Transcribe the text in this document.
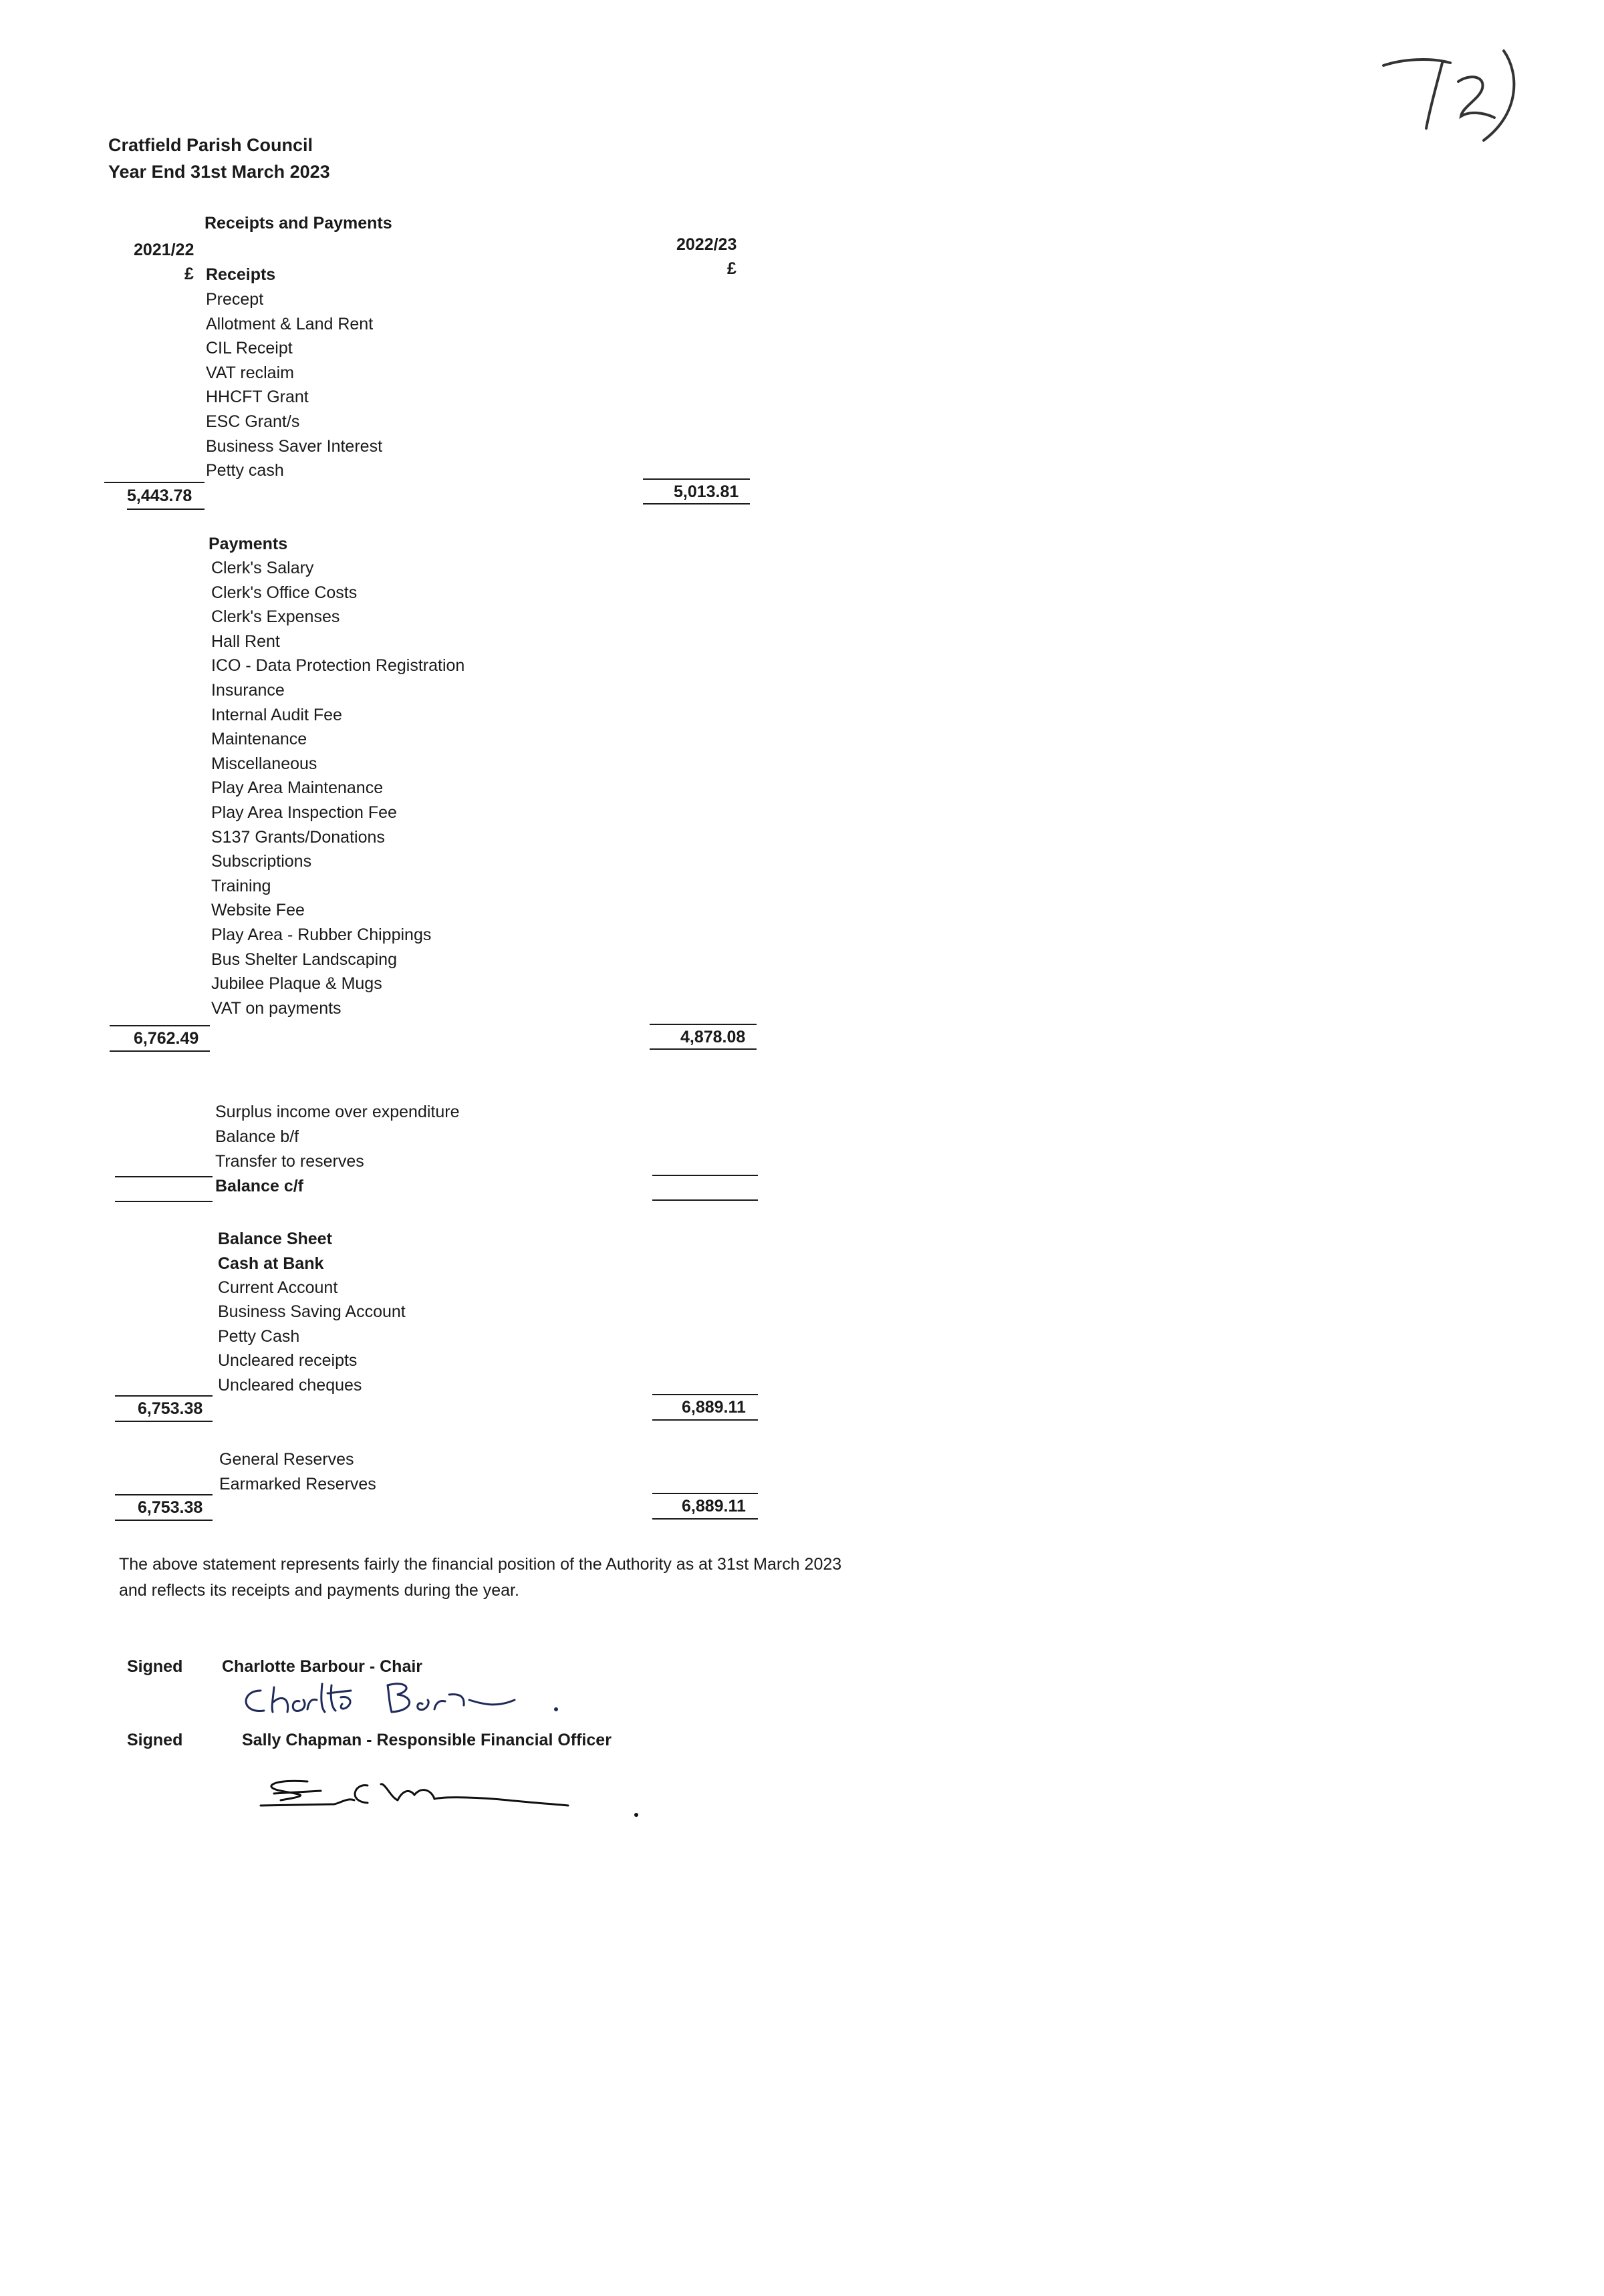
Cratfield Parish Council
Year End 31st March 2023
Receipts and Payments
2021/22	2022/23
£	£
Receipts
Precept
Allotment & Land Rent
CIL Receipt
VAT reclaim
HHCFT Grant
ESC Grant/s
Business Saver Interest
Petty cash
5,443.78	5,013.81
Payments
Clerk's Salary
Clerk's Office Costs
Clerk's Expenses
Hall Rent
ICO - Data Protection Registration
Insurance
Internal Audit Fee
Maintenance
Miscellaneous
Play Area Maintenance
Play Area Inspection Fee
S137 Grants/Donations
Subscriptions
Training
Website Fee
Play Area - Rubber Chippings
Bus Shelter Landscaping
Jubilee Plaque & Mugs
VAT on payments
6,762.49	4,878.08
Surplus income over expenditure
Balance b/f
Transfer to reserves
Balance c/f
Balance Sheet
Cash at Bank
Current Account
Business Saving Account
Petty Cash
Uncleared receipts
Uncleared cheques
6,753.38	6,889.11
General Reserves
Earmarked Reserves
6,753.38	6,889.11
The above statement represents fairly the financial position of the Authority as at 31st March 2023
and reflects its receipts and payments during the year.
Signed Charlotte Barbour - Chair
Signed	Sally Chapman - Responsible Financial Officer
